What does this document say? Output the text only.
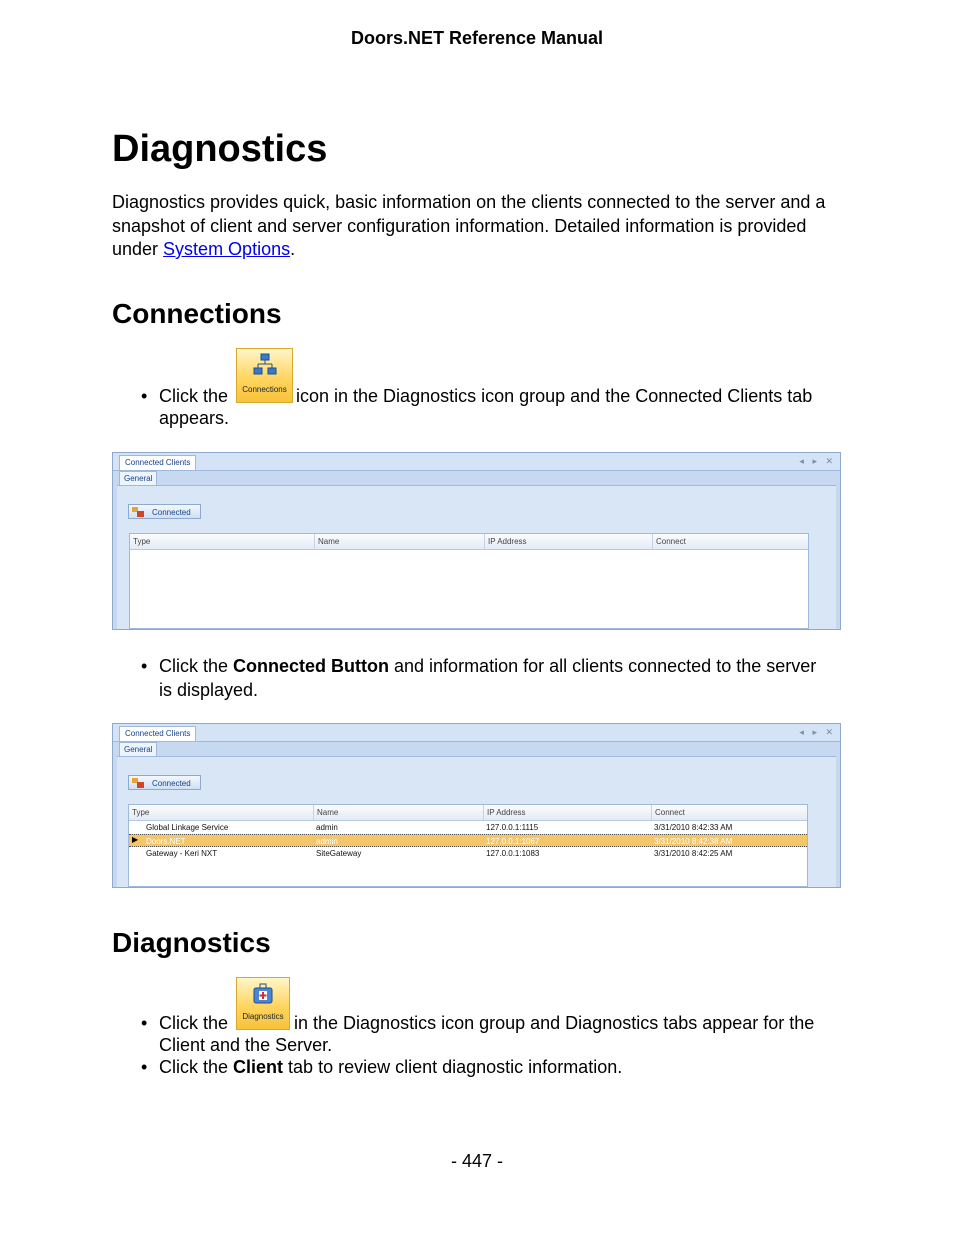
Doors.NET Reference Manual
Diagnostics

Diagnostics provides quick, basic information on the clients connected to the server and a snapshot of client and server configuration information. Detailed information is provided under System Options.

Connections
• Click the	icon in the Diagnostics icon group and the Connected Clients tab
appears.
Connections
Connected Clients	◂ ▸ ✕
General
Connected
Type	Name	IP Address	Connect
• Click the Connected Button and information for all clients connected to the server
is displayed.
Connected Clients	◂ ▸ ✕
General
Connected
Type	Name	IP Address	Connect
Global Linkage Service	admin	127.0.0.1:1115	3/31/2010 8:42:33 AM
▶ Doors.NET	admin	127.0.0.1:1067	3/31/2010 8:42:38 AM
Gateway - Keri NXT	SiteGateway	127.0.0.1:1083	3/31/2010 8:42:25 AM
Diagnostics
• Click the	in the Diagnostics icon group and Diagnostics tabs appear for the
Client and the Server.
Diagnostics
• Click the Client tab to review client diagnostic information.
- 447 -
